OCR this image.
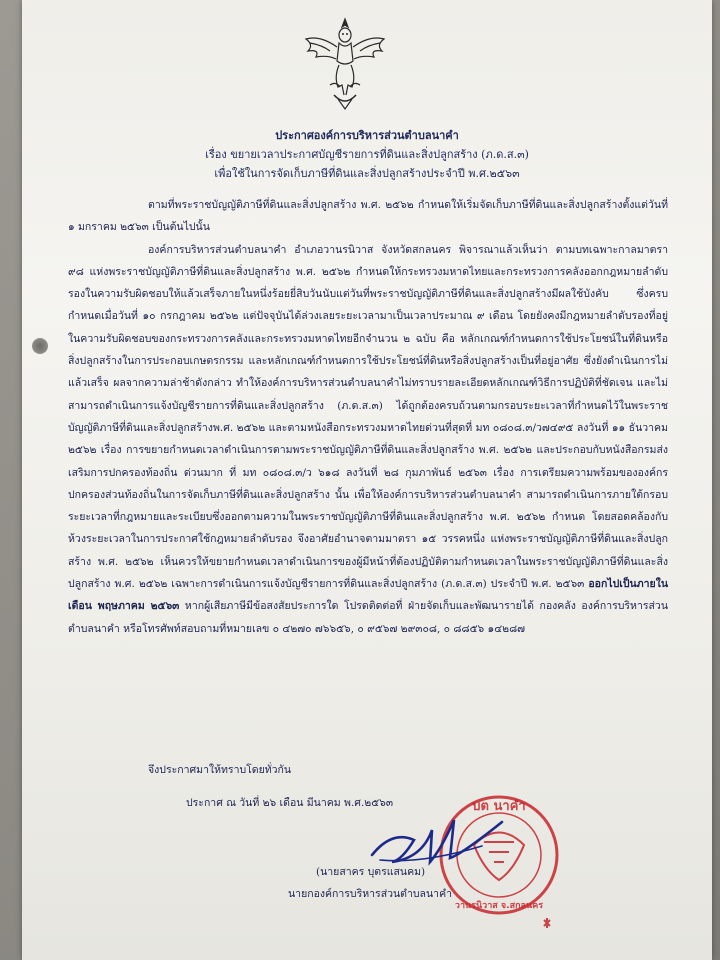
ประกาศองค์การบริหารส่วนตำบลนาคำ
เรื่อง ขยายเวลาประกาศบัญชีรายการที่ดินและสิ่งปลูกสร้าง (ภ.ด.ส.๓)
เพื่อใช้ในการจัดเก็บภาษีที่ดินและสิ่งปลูกสร้างประจำปี พ.ศ.๒๕๖๓

ตามที่พระราชบัญญัติภาษีที่ดินและสิ่งปลูกสร้าง พ.ศ. ๒๕๖๒ กำหนดให้เริ่มจัดเก็บภาษีที่ดินและสิ่งปลูกสร้างตั้งแต่วันที่ ๑ มกราคม ๒๕๖๓ เป็นต้นไปนั้น

องค์การบริหารส่วนตำบลนาคำ อำเภอวานรนิวาส จังหวัดสกลนคร พิจารณาแล้วเห็นว่า ตามบทเฉพาะกาลมาตรา ๙๘ แห่งพระราชบัญญัติภาษีที่ดินและสิ่งปลูกสร้าง พ.ศ. ๒๕๖๒ กำหนดให้กระทรวงมหาดไทยและกระทรวงการคลังออกกฎหมายลำดับรองในความรับผิดชอบให้แล้วเสร็จภายในหนึ่งร้อยยี่สิบวันนับแต่วันที่พระราชบัญญัติภาษีที่ดินและสิ่งปลูกสร้างมีผลใช้บังคับ ซึ่งครบกำหนดเมื่อวันที่ ๑๐ กรกฎาคม ๒๕๖๒ แต่ปัจจุบันได้ล่วงเลยระยะเวลามาเป็นเวลาประมาณ ๙ เดือน โดยยังคงมีกฎหมายลำดับรองที่อยู่ในความรับผิดชอบของกระทรวงการคลังและกระทรวงมหาดไทยอีกจำนวน ๒ ฉบับ คือ หลักเกณฑ์กำหนดการใช้ประโยชน์ในที่ดินหรือสิ่งปลูกสร้างในการประกอบเกษตรกรรม และหลักเกณฑ์กำหนดการใช้ประโยชน์ที่ดินหรือสิ่งปลูกสร้างเป็นที่อยู่อาศัย ซึ่งยังดำเนินการไม่แล้วเสร็จ ผลจากความล่าช้าดังกล่าว ทำให้องค์การบริหารส่วนตำบลนาคำไม่ทราบรายละเอียดหลักเกณฑ์วิธีการปฏิบัติที่ชัดเจน และไม่สามารถดำเนินการแจ้งบัญชีรายการที่ดินและสิ่งปลูกสร้าง (ภ.ด.ส.๓) ได้ถูกต้องครบถ้วนตามกรอบระยะเวลาที่กำหนดไว้ในพระราชบัญญัติภาษีที่ดินและสิ่งปลูกสร้างพ.ศ. ๒๕๖๒ และตามหนังสือกระทรวงมหาดไทยด่วนที่สุดที่ มท ๐๘๐๘.๓/ว๗๔๙๕ ลงวันที่ ๑๑ ธันวาคม ๒๕๖๒ เรื่อง การขยายกำหนดเวลาดำเนินการตามพระราชบัญญัติภาษีที่ดินและสิ่งปลูกสร้าง พ.ศ. ๒๕๖๒ และประกอบกับหนังสือกรมส่งเสริมการปกครองท้องถิ่น ด่วนมาก ที่ มท ๐๘๐๘.๓/ว ๖๑๘ ลงวันที่ ๒๘ กุมภาพันธ์ ๒๕๖๓ เรื่อง การเตรียมความพร้อมขององค์กรปกครองส่วนท้องถิ่นในการจัดเก็บภาษีที่ดินและสิ่งปลูกสร้าง นั้น เพื่อให้องค์การบริหารส่วนตำบลนาคำ สามารถดำเนินการภายใต้กรอบระยะเวลาที่กฎหมายและระเบียบซึ่งออกตามความในพระราชบัญญัติภาษีที่ดินและสิ่งปลูกสร้าง พ.ศ. ๒๕๖๒ กำหนด โดยสอดคล้องกับห้วงระยะเวลาในการประกาศใช้กฎหมายลำดับรอง จึงอาศัยอำนาจตามมาตรา ๑๕ วรรคหนึ่ง แห่งพระราชบัญญัติภาษีที่ดินและสิ่งปลูกสร้าง พ.ศ. ๒๕๖๒ เห็นควรให้ขยายกำหนดเวลาดำเนินการของผู้มีหน้าที่ต้องปฏิบัติตามกำหนดเวลาในพระราชบัญญัติภาษีที่ดินและสิ่งปลูกสร้าง พ.ศ. ๒๕๖๒ เฉพาะการดำเนินการแจ้งบัญชีรายการที่ดินและสิ่งปลูกสร้าง (ภ.ด.ส.๓) ประจำปี พ.ศ. ๒๕๖๓ ออกไปเป็นภายในเดือน พฤษภาคม ๒๕๖๓ หากผู้เสียภาษีมีข้อสงสัยประการใด โปรดติดต่อที่ ฝ่ายจัดเก็บและพัฒนารายได้ กองคลัง องค์การบริหารส่วนตำบลนาคำ หรือโทรศัพท์สอบถามที่หมายเลข ๐ ๔๒๗๐ ๗๖๖๕๖, ๐ ๙๕๖๗ ๒๙๓๐๘, ๐ ๘๘๕๖ ๑๔๒๘๗

จึงประกาศมาให้ทราบโดยทั่วกัน
ประกาศ ณ วันที่ ๒๖ เดือน มีนาคม พ.ศ.๒๕๖๓	บต นาคำ
วานรนิวาส จ.สกลนคร
(นายสาคร บุตรแสนคม)
นายกองค์การบริหารส่วนตำบลนาคำ
